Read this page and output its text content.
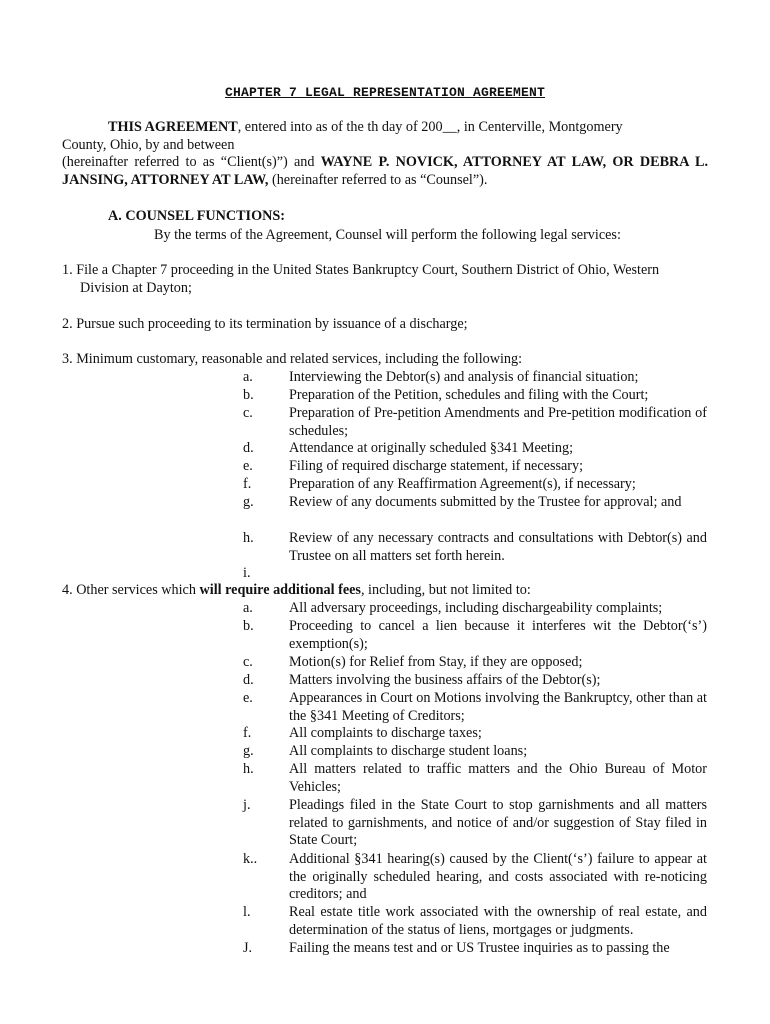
CHAPTER 7 LEGAL REPRESENTATION AGREEMENT

THIS AGREEMENT, entered into as of the th day of 200__, in Centerville, Montgomery

County, Ohio, by and between

(hereinafter referred to as “Client(s)”) and WAYNE P. NOVICK, ATTORNEY AT LAW, OR DEBRA L. JANSING, ATTORNEY AT LAW, (hereinafter referred to as “Counsel”).

A. COUNSEL FUNCTIONS:
By the terms of the Agreement, Counsel will perform the following legal services:
1. File a Chapter 7 proceeding in the United States Bankruptcy Court, Southern District of Ohio, Western
Division at Dayton;
2. Pursue such proceeding to its termination by issuance of a discharge;
3. Minimum customary, reasonable and related services, including the following:
a.	Interviewing the Debtor(s) and analysis of financial situation;
b. Preparation of the Petition, schedules and filing with the Court;
c.	Preparation of Pre-petition Amendments and Pre-petition modification of schedules;
d. Attendance at originally scheduled §341 Meeting;
e.	Filing of required discharge statement, if necessary;
f.	Preparation of any Reaffirmation Agreement(s), if necessary;
g. Review of any documents submitted by the Trustee for approval; and
h. Review of any necessary contracts and consultations with Debtor(s) and Trustee on all matters set forth herein.
i.
4. Other services which will require additional fees, including, but not limited to:
a.	All adversary proceedings, including dischargeability complaints;
b. Proceeding to cancel a lien because it interferes wit the Debtor(‘s’) exemption(s);
c.	Motion(s) for Relief from Stay, if they are opposed;
d. Matters involving the business affairs of the Debtor(s);
e.	Appearances in Court on Motions involving the Bankruptcy, other than at the §341 Meeting of Creditors;
f.	All complaints to discharge taxes;
g. All complaints to discharge student loans;
h. All matters related to traffic matters and the Ohio Bureau of Motor Vehicles;
j.	Pleadings filed in the State Court to stop garnishments and all matters related to garnishments, and notice of and/or suggestion of Stay filed in State Court;
k.. Additional §341 hearing(s) caused by the Client(‘s’) failure to appear at the originally scheduled hearing, and costs associated with re-noticing creditors; and
l.	Real estate title work associated with the ownership of real estate, and determination of the status of liens, mortgages or judgments.
J.	Failing the means test and or US Trustee inquiries as to passing the
